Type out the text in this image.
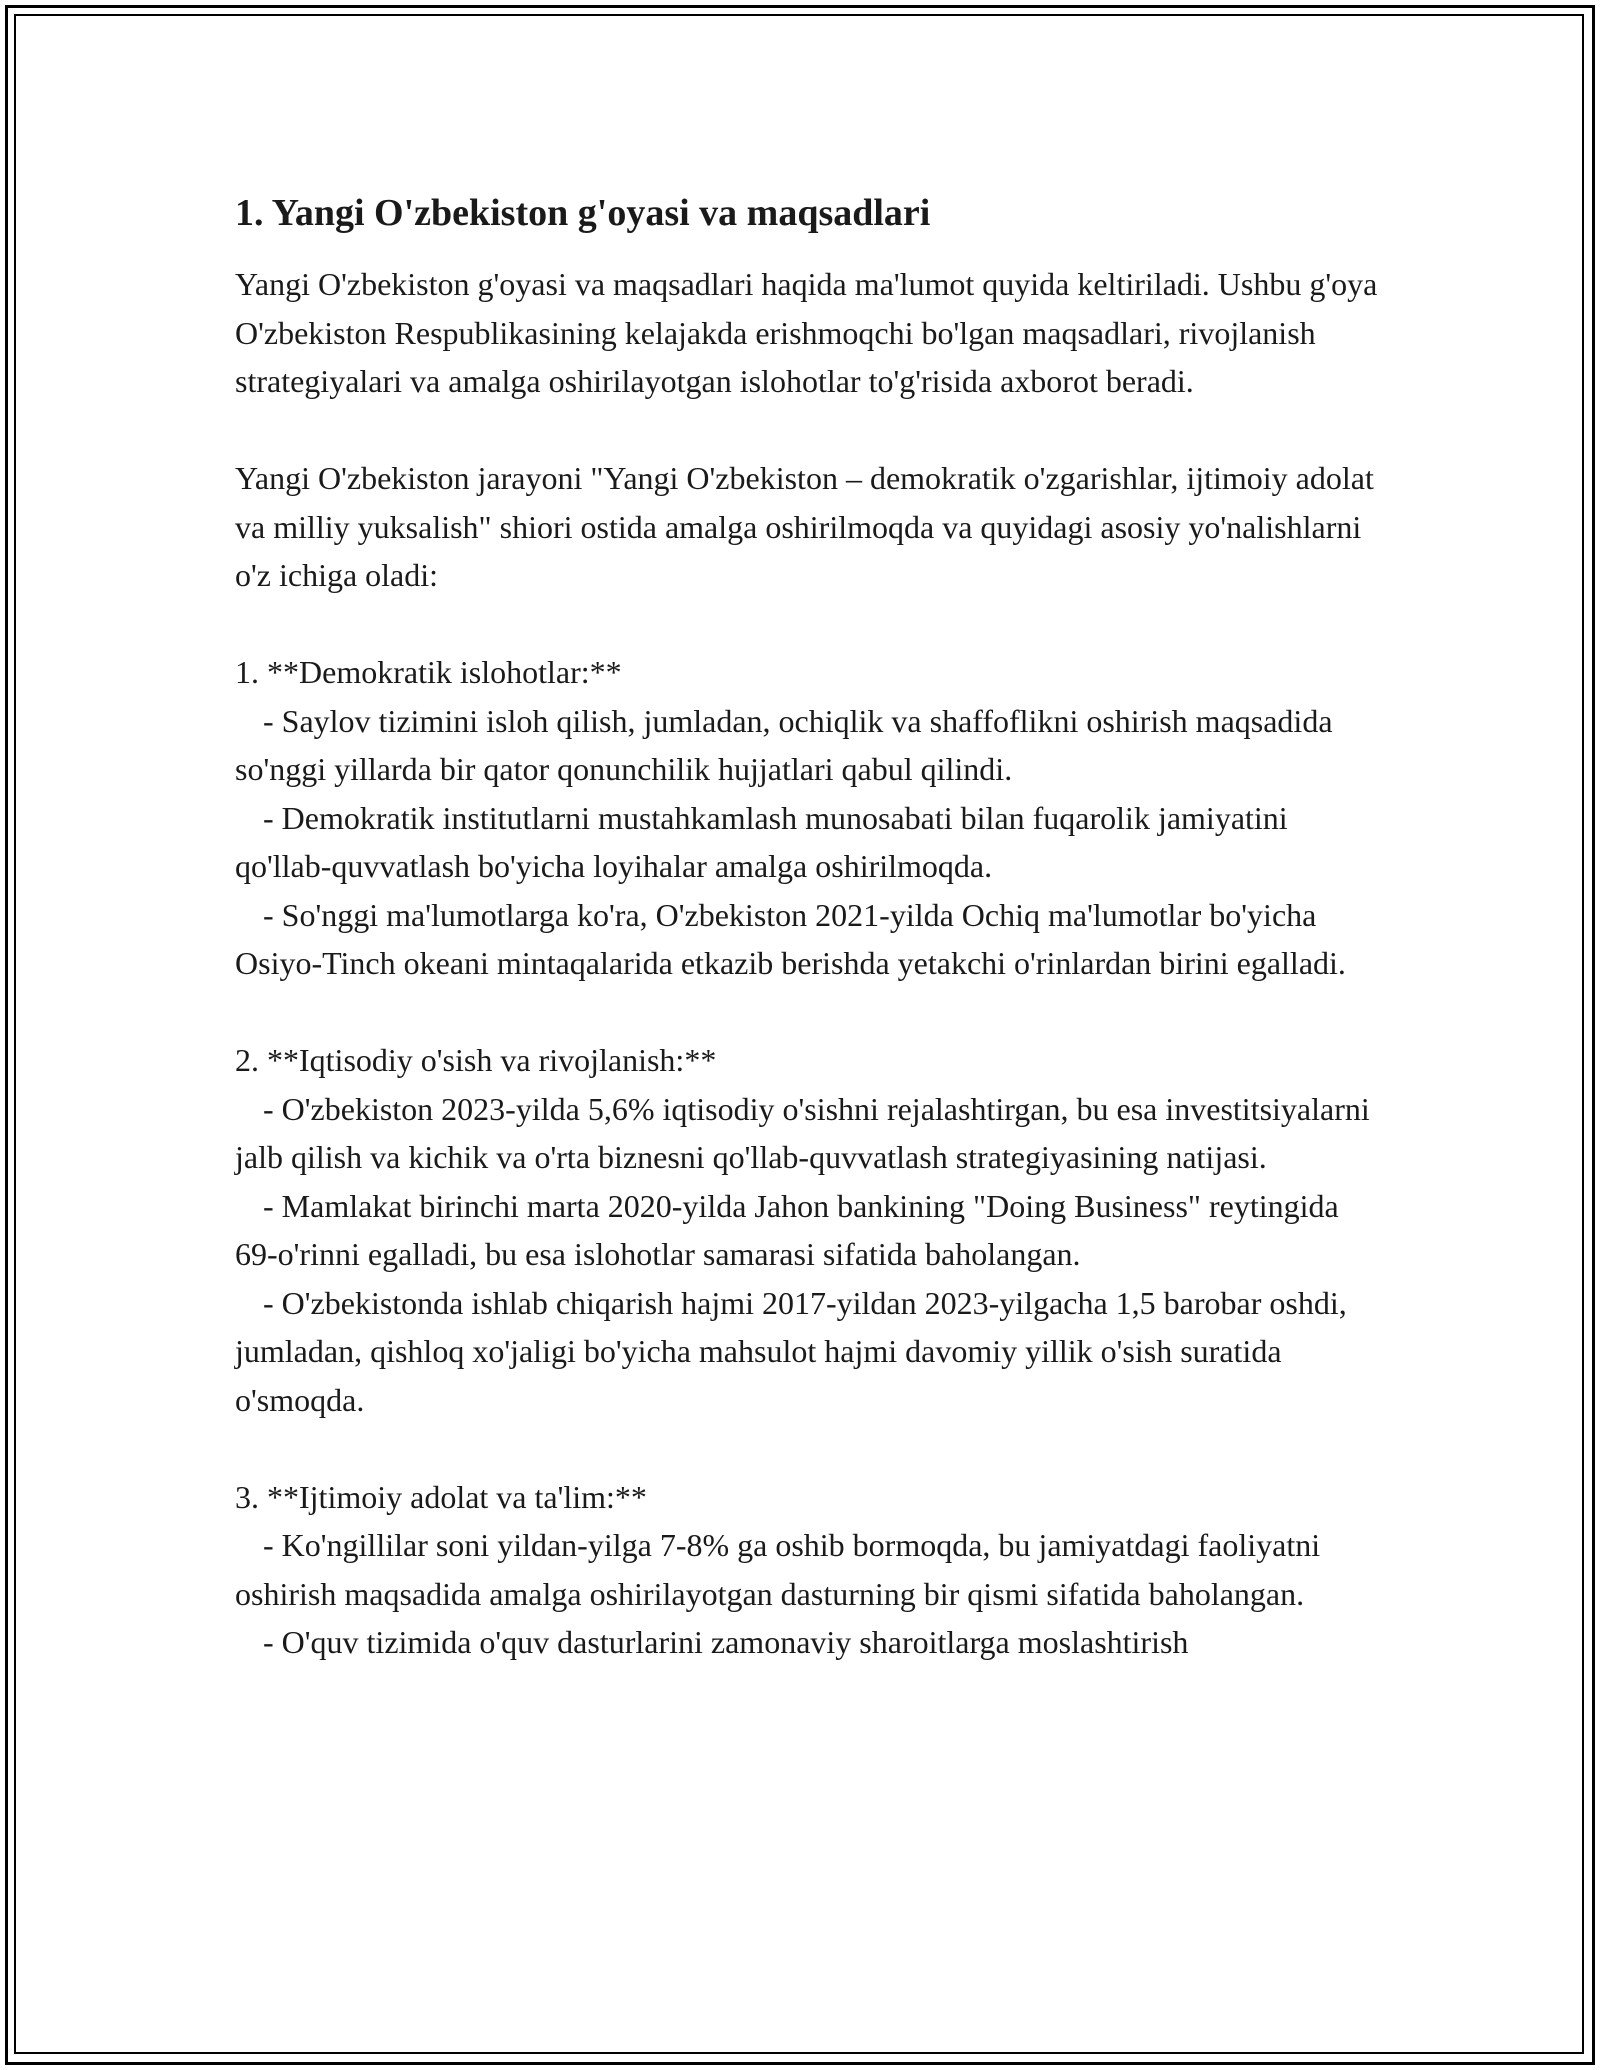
1. Yangi O'zbekiston g'oyasi va maqsadlari

Yangi O'zbekiston g'oyasi va maqsadlari haqida ma'lumot quyida keltiriladi. Ushbu g'oya O'zbekiston Respublikasining kelajakda erishmoqchi bo'lgan maqsadlari, rivojlanish strategiyalari va amalga oshirilayotgan islohotlar to'g'risida axborot beradi.

Yangi O'zbekiston jarayoni "Yangi O'zbekiston – demokratik o'zgarishlar, ijtimoiy adolat va milliy yuksalish" shiori ostida amalga oshirilmoqda va quyidagi asosiy yo'nalishlarni o'z ichiga oladi:

1. **Demokratik islohotlar:**

- Saylov tizimini isloh qilish, jumladan, ochiqlik va shaffoflikni oshirish maqsadida so'nggi yillarda bir qator qonunchilik hujjatlari qabul qilindi.

- Demokratik institutlarni mustahkamlash munosabati bilan fuqarolik jamiyatini qo'llab-quvvatlash bo'yicha loyihalar amalga oshirilmoqda.

- So'nggi ma'lumotlarga ko'ra, O'zbekiston 2021-yilda Ochiq ma'lumotlar bo'yicha Osiyo-Tinch okeani mintaqalarida etkazib berishda yetakchi o'rinlardan birini egalladi.

2. **Iqtisodiy o'sish va rivojlanish:**

- O'zbekiston 2023-yilda 5,6% iqtisodiy o'sishni rejalashtirgan, bu esa investitsiyalarni jalb qilish va kichik va o'rta biznesni qo'llab-quvvatlash strategiyasining natijasi.

- Mamlakat birinchi marta 2020-yilda Jahon bankining "Doing Business" reytingida 69-o'rinni egalladi, bu esa islohotlar samarasi sifatida baholangan.

- O'zbekistonda ishlab chiqarish hajmi 2017-yildan 2023-yilgacha 1,5 barobar oshdi, jumladan, qishloq xo'jaligi bo'yicha mahsulot hajmi davomiy yillik o'sish suratida o'smoqda.

3. **Ijtimoiy adolat va ta'lim:**

- Ko'ngillilar soni yildan-yilga 7-8% ga oshib bormoqda, bu jamiyatdagi faoliyatni oshirish maqsadida amalga oshirilayotgan dasturning bir qismi sifatida baholangan.

- O'quv tizimida o'quv dasturlarini zamonaviy sharoitlarga moslashtirish
